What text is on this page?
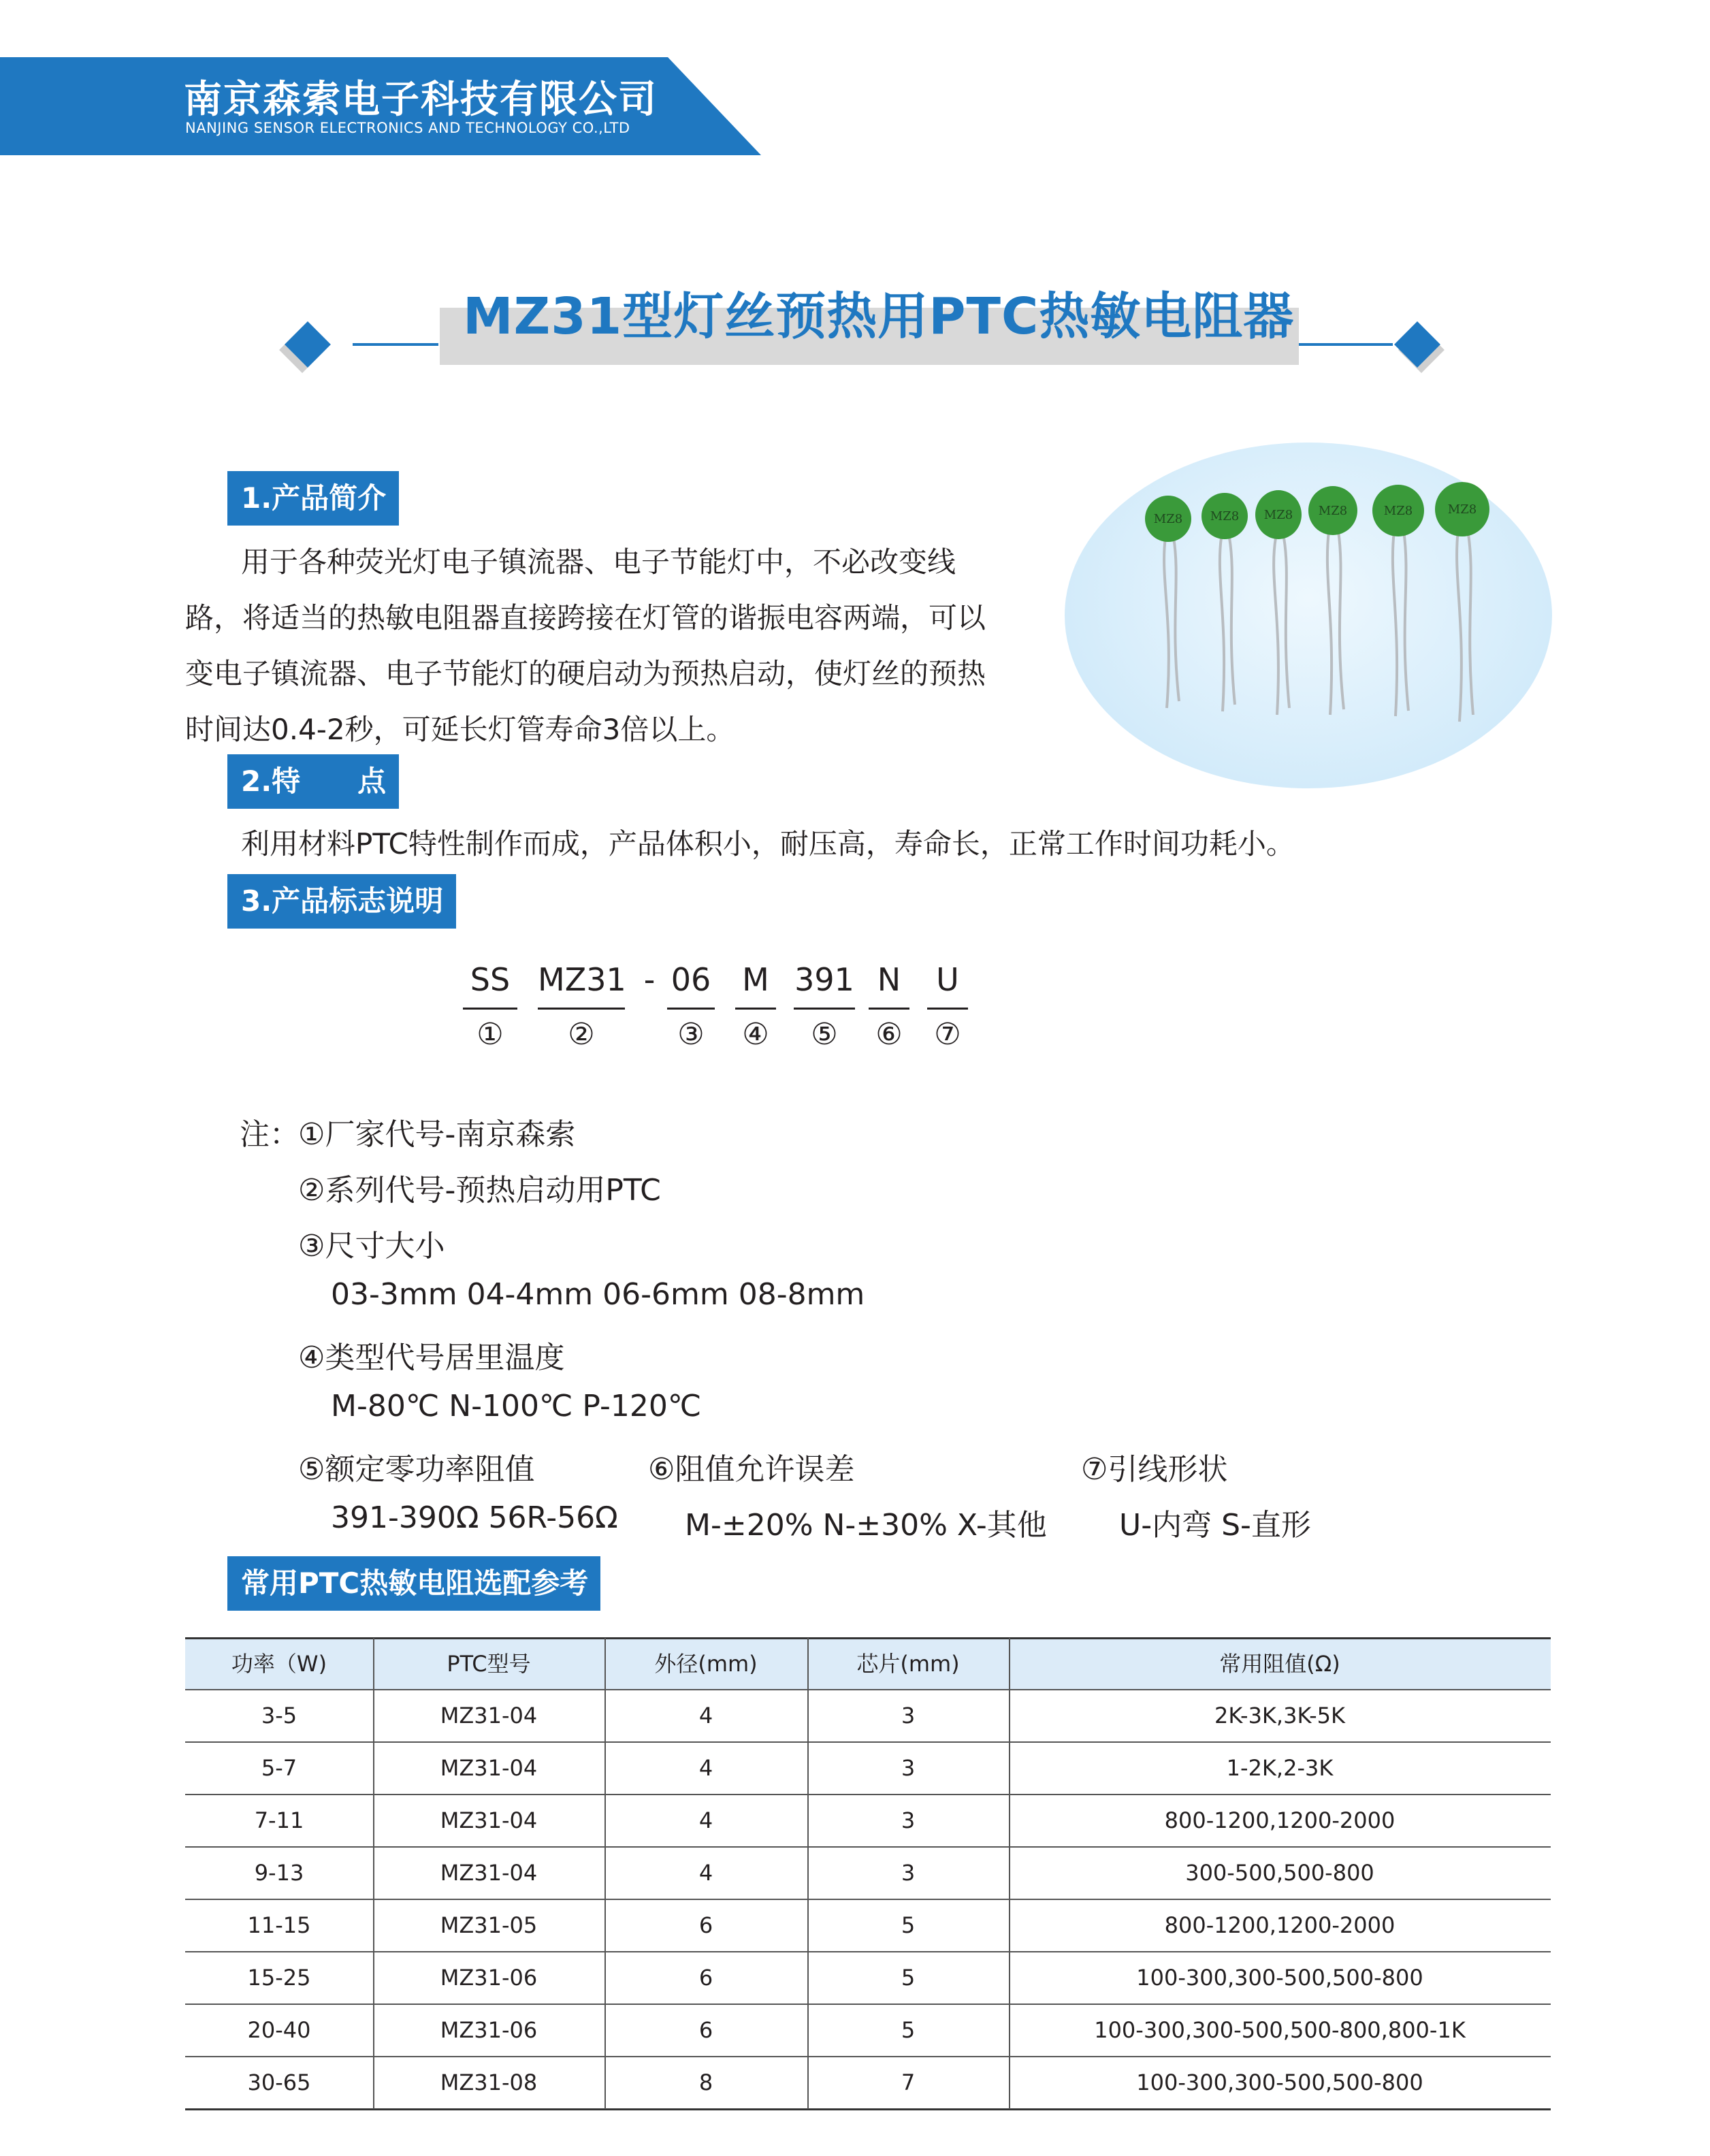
南京森索电子科技有限公司
NANJING SENSOR ELECTRONICS AND TECHNOLOGY CO.,LTD
MZ31型灯丝预热用PTC热敏电阻器
1.产品简介
用于各种荧光灯电子镇流器、电子节能灯中，不必改变线
路，将适当的热敏电阻器直接跨接在灯管的谐振电容两端，可以
变电子镇流器、电子节能灯的硬启动为预热启动，使灯丝的预热
时间达0.4-2秒，可延长灯管寿命3倍以上。
MZ8 MZ8 MZ8 MZ8	MZ8	MZ8
2.特　　点
利用材料PTC特性制作而成，产品体积小，耐压高，寿命长，正常工作时间功耗小。
3.产品标志说明
SS MZ31 - 06 M 391 N U
①	②	③	④	⑤	⑥ ⑦
注：
①厂家代号-南京森索
②系列代号-预热启动用PTC
③尺寸大小
03-3mm 04-4mm 06-6mm 08-8mm
④类型代号居里温度
M-80℃ N-100℃ P-120℃
⑤额定零功率阻值	⑥阻值允许误差	⑦引线形状
391-390Ω 56R-56Ω M-±20% N-±30% X-其他 U-内弯 S-直形
常用PTC热敏电阻选配参考
功率（W)	PTC型号	外径(mm)	芯片(mm)	常用阻值(Ω)
3-5	MZ31-04	4	3	2K-3K,3K-5K
5-7	MZ31-04	4	3	1-2K,2-3K
7-11	MZ31-04	4	3	800-1200,1200-2000
9-13	MZ31-04	4	3	300-500,500-800
11-15	MZ31-05	6	5	800-1200,1200-2000
15-25	MZ31-06	6	5	100-300,300-500,500-800
20-40	MZ31-06	6	5	100-300,300-500,500-800,800-1K
30-65	MZ31-08	8	7	100-300,300-500,500-800
